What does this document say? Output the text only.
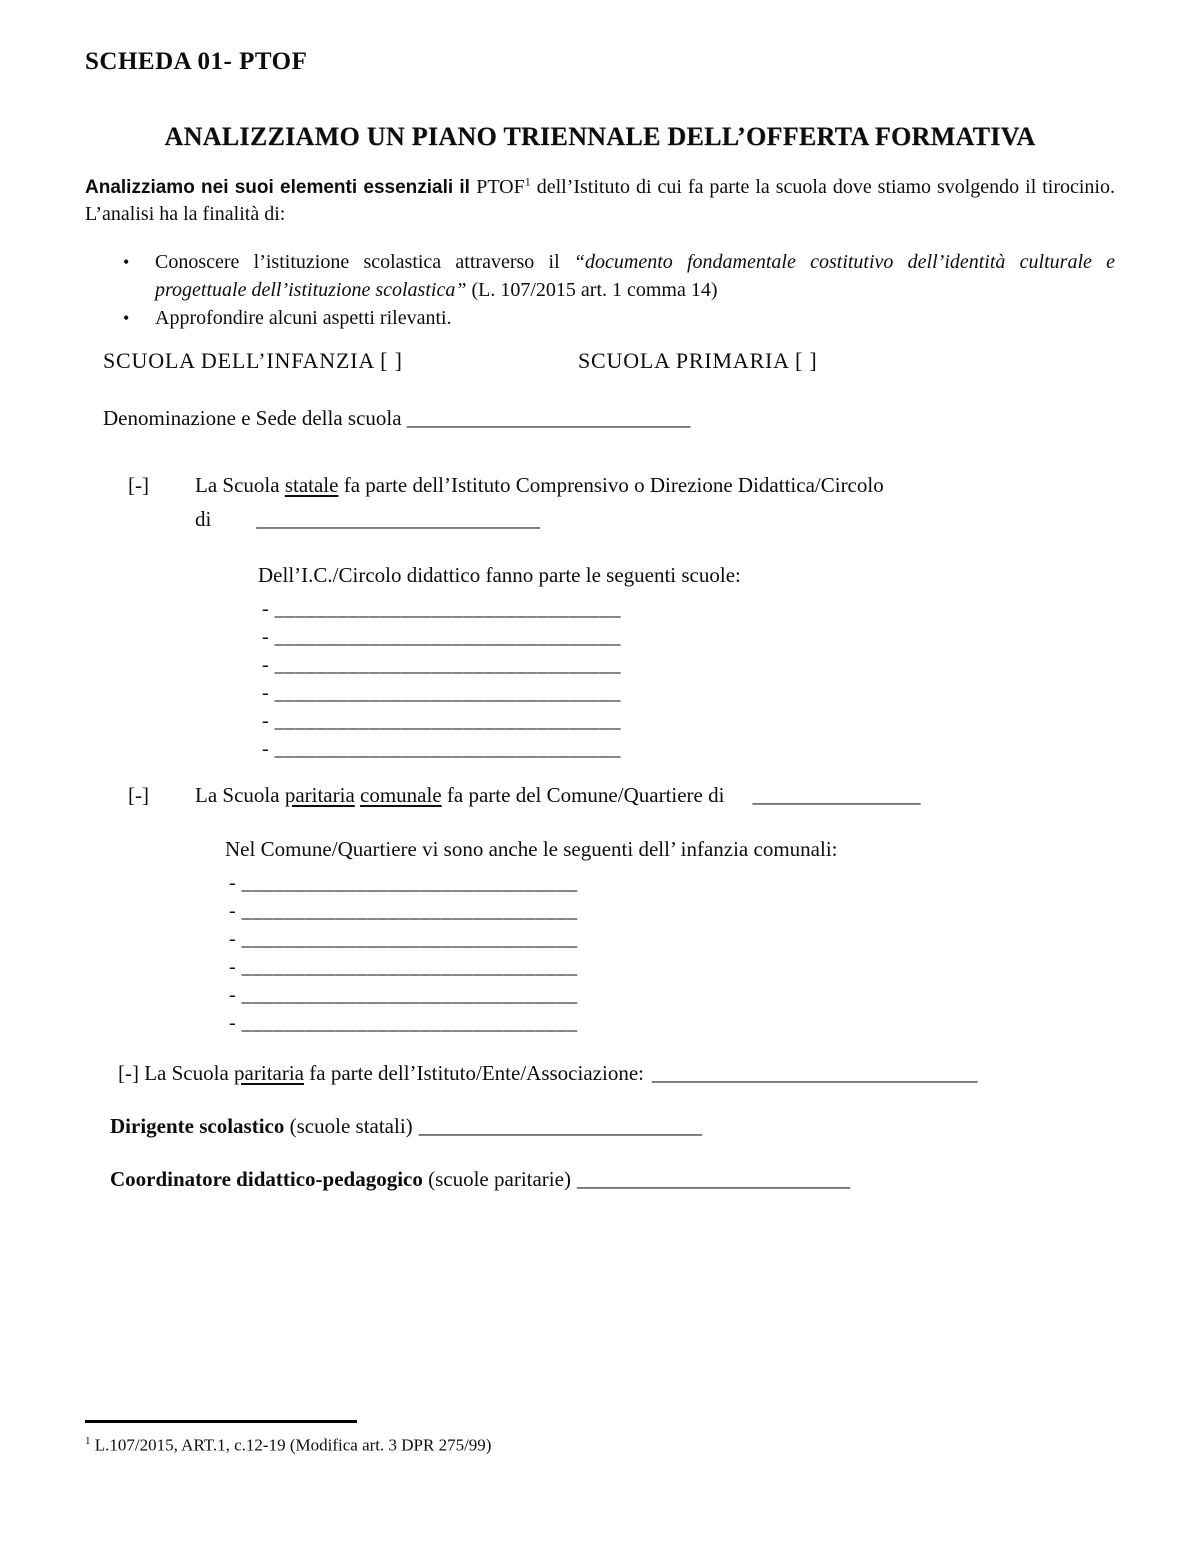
SCHEDA 01- PTOF
ANALIZZIAMO UN PIANO TRIENNALE DELL’OFFERTA FORMATIVA

Analizziamo nei suoi elementi essenziali il PTOF$^1$ dell’Istituto di cui fa parte la scuola dove stiamo svolgendo il tirocinio. L’analisi ha la finalità di:

•	Conoscere l’istituzione scolastica attraverso il “documento fondamentale costitutivo dell’identità culturale e progettuale dell’istituzione scolastica” (L. 107/2015 art. 1 comma 14)
•	Approfondire alcuni aspetti rilevanti.
SCUOLA DELL’INFANZIA [ ]	SCUOLA PRIMARIA [ ]
Denominazione e Sede della scuola ___________________________
[-]	La Scuola statale fa parte dell’Istituto Comprensivo o Direzione Didattica/Circolo
di ___________________________
Dell’I.C./Circolo didattico fanno parte le seguenti scuole:
- _________________________________
- _________________________________
- _________________________________
- _________________________________
- _________________________________
- _________________________________
[-]	La Scuola paritaria comunale fa parte del Comune/Quartiere di ________________
Nel Comune/Quartiere vi sono anche le seguenti dell’ infanzia comunali:
- ________________________________
- ________________________________
- ________________________________
- ________________________________
- ________________________________
- ________________________________
[-] La Scuola paritaria fa parte dell’Istituto/Ente/Associazione: _______________________________
Dirigente scolastico (scuole statali) ___________________________
Coordinatore didattico-pedagogico (scuole paritarie) __________________________
$^1$ L.107/2015, ART.1, c.12-19 (Modifica art. 3 DPR 275/99)
